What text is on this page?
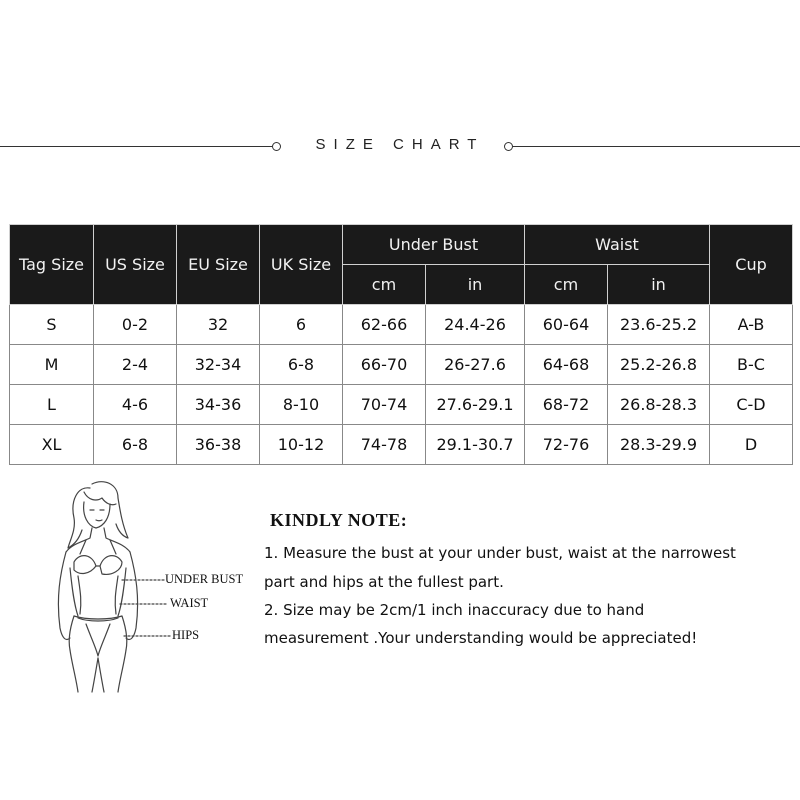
SIZE CHART
Tag Size	US Size	EU Size	UK Size	Under Bust		Waist		Cup
				cm	in	cm	in	
S	0-2	32	6	62-66	24.4-26	60-64	23.6-25.2	A-B
M	2-4	32-34	6-8	66-70	26-27.6	64-68	25.2-26.8	B-C
L	4-6	34-36	8-10	70-74	27.6-29.1	68-72	26.8-28.3	C-D
XL	6-8	36-38	10-12	74-78	29.1-30.7	72-76	28.3-29.9	D
UNDER BUST
WAIST
HIPS
KINDLY NOTE:
1. Measure the bust at your under bust, waist at the narrowest
part and hips at the fullest part.
2. Size may be 2cm/1 inch inaccuracy due to hand
measurement .Your understanding would be appreciated!
